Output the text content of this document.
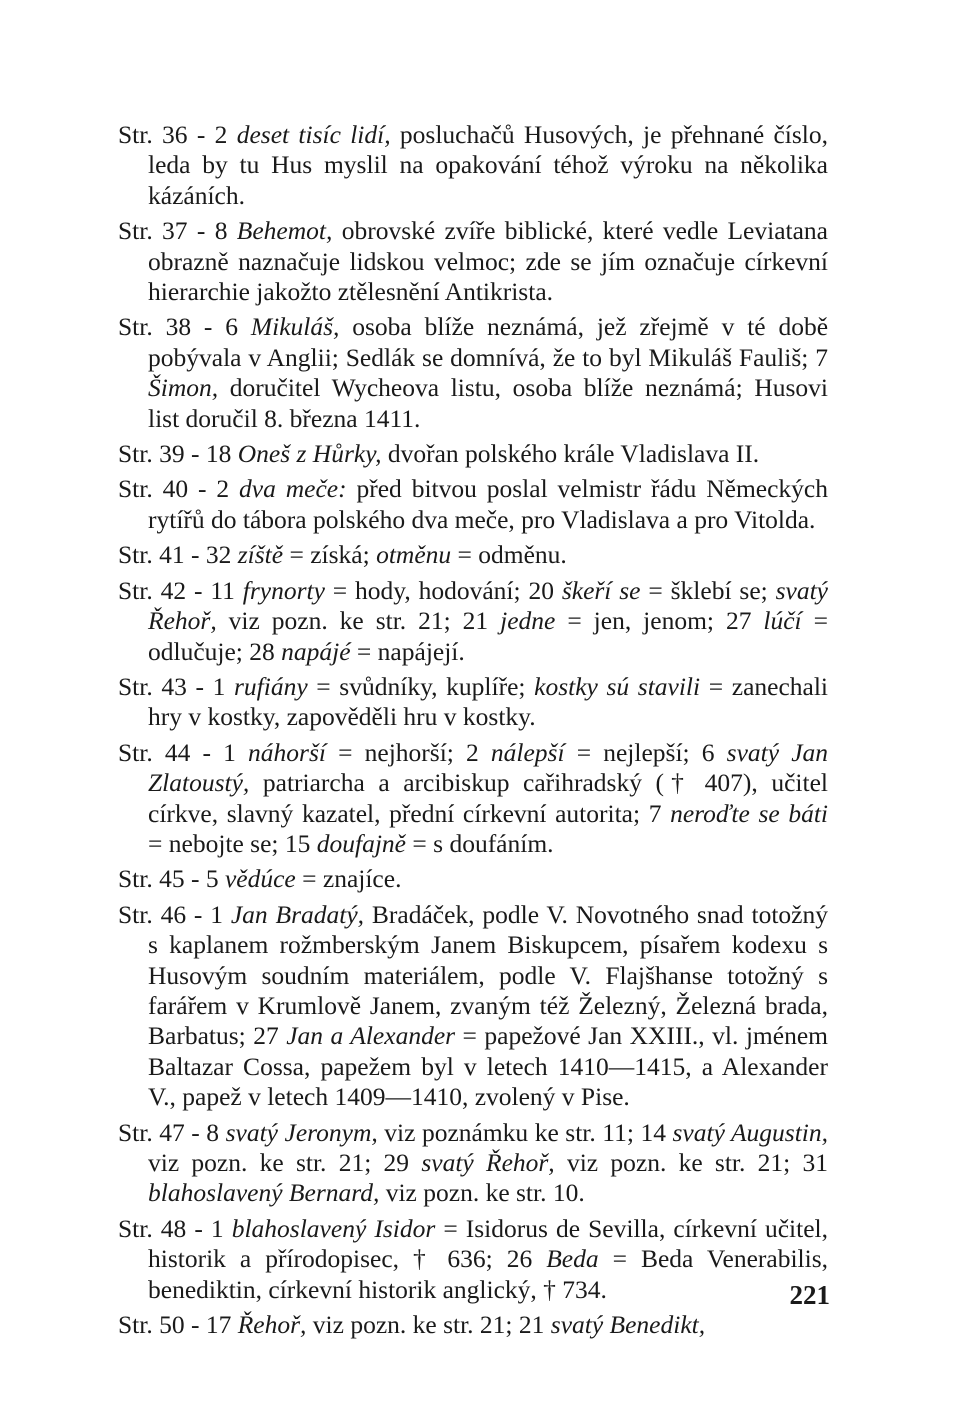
Str. 36 - 2 deset tisíc lidí, posluchačů Husových, je přehnané číslo, leda by tu Hus myslil na opakování téhož výroku na několika kázáních.

Str. 37 - 8 Behemot, obrovské zvíře biblické, které vedle Leviatana obrazně naznačuje lidskou velmoc; zde se jím označuje církevní hierarchie jakožto ztělesnění Antikrista.

Str. 38 - 6 Mikuláš, osoba blíže neznámá, jež zřejmě v té době pobývala v Anglii; Sedlák se domnívá, že to byl Mikuláš Fauliš; 7 Šimon, doručitel Wycheova listu, osoba blíže neznámá; Husovi list doručil 8. března 1411.

Str. 39 - 18 Oneš z Hůrky, dvořan polského krále Vladislava II.

Str. 40 - 2 dva meče: před bitvou poslal velmistr řádu Německých rytířů do tábora polského dva meče, pro Vladislava a pro Vitolda.

Str. 41 - 32 zíště = získá; otměnu = odměnu.

Str. 42 - 11 frynorty = hody, hodování; 20 škeří se = šklebí se; svatý Řehoř, viz pozn. ke str. 21; 21 jedne = jen, jenom; 27 lúčí = odlučuje; 28 napájé = napájejí.

Str. 43 - 1 rufiány = svůdníky, kuplíře; kostky sú stavili = zanechali hry v kostky, zapověděli hru v kostky.

Str. 44 - 1 náhorší = nejhorší; 2 nálepší = nejlepší; 6 svatý Jan Zlatoustý, patriarcha a arcibiskup cařihradský († 407), učitel církve, slavný kazatel, přední církevní autorita; 7 neroďte se báti = nebojte se; 15 doufajně = s doufáním.

Str. 45 - 5 vědúce = znajíce.

Str. 46 - 1 Jan Bradatý, Bradáček, podle V. Novotného snad totožný s kaplanem rožmberským Janem Biskupcem, písařem kodexu s Husovým soudním materiálem, podle V. Flajšhanse totožný s farářem v Krumlově Janem, zvaným též Železný, Železná brada, Barbatus; 27 Jan a Alexander = papežové Jan XXIII., vl. jménem Baltazar Cossa, papežem byl v letech 1410—1415, a Alexander V., papež v letech 1409—1410, zvolený v Pise.

Str. 47 - 8 svatý Jeronym, viz poznámku ke str. 11; 14 svatý Augustin, viz pozn. ke str. 21; 29 svatý Řehoř, viz pozn. ke str. 21; 31 blahoslavený Bernard, viz pozn. ke str. 10.

Str. 48 - 1 blahoslavený Isidor = Isidorus de Sevilla, církevní učitel, historik a přírodopisec, † 636; 26 Beda = Beda Venerabilis, benediktin, církevní historik anglický, † 734.

Str. 50 - 17 Řehoř, viz pozn. ke str. 21; 21 svatý Benedikt,

221
